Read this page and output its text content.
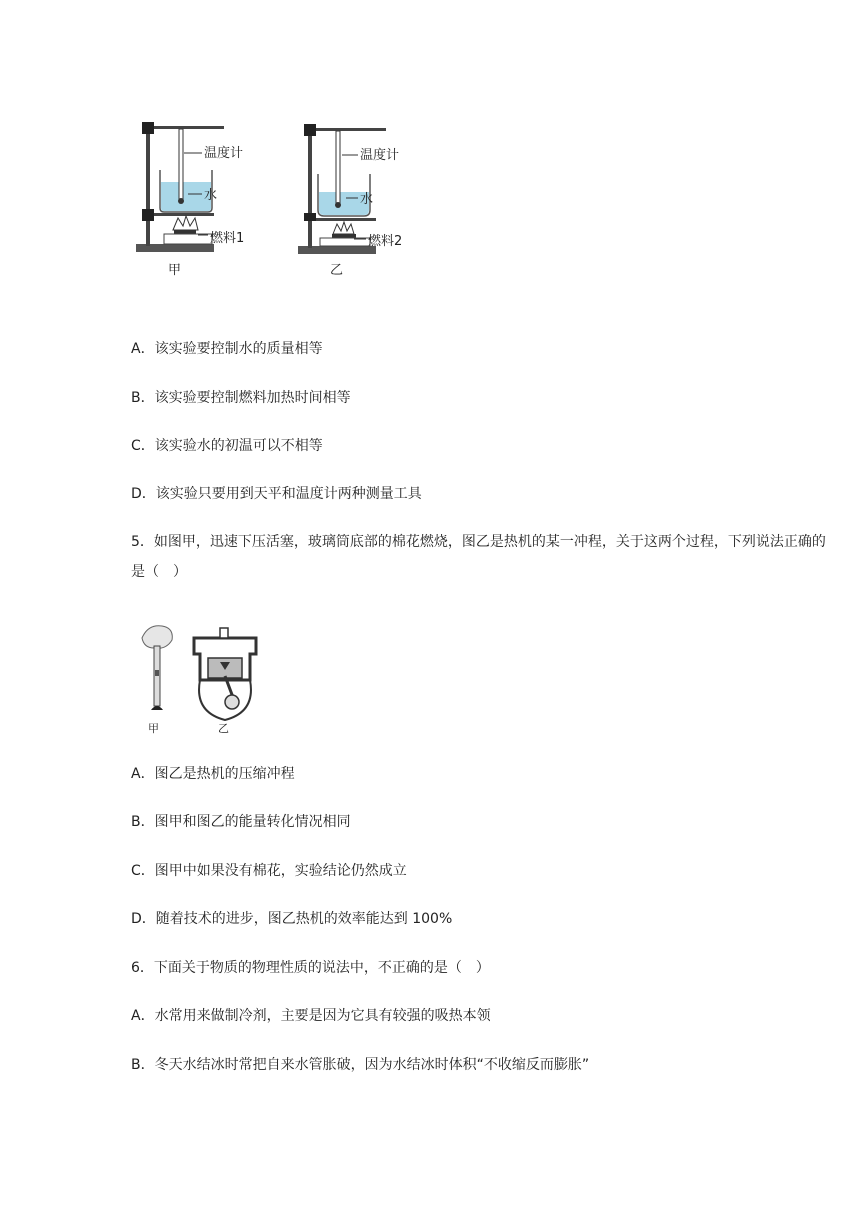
温度计
水
燃料1
甲
温度计
水
燃料2
乙
A．该实验要控制水的质量相等
B．该实验要控制燃料加热时间相等
C．该实验水的初温可以不相等
D．该实验只要用到天平和温度计两种测量工具
5．如图甲，迅速下压活塞，玻璃筒底部的棉花燃烧，图乙是热机的某一冲程，关于这两个过程，下列说法正确的是（　）
甲	乙
A．图乙是热机的压缩冲程
B．图甲和图乙的能量转化情况相同
C．图甲中如果没有棉花，实验结论仍然成立
D．随着技术的进步，图乙热机的效率能达到 100%
6．下面关于物质的物理性质的说法中，不正确的是（　）
A．水常用来做制冷剂，主要是因为它具有较强的吸热本领
B．冬天水结冰时常把自来水管胀破，因为水结冰时体积“不收缩反而膨胀”
